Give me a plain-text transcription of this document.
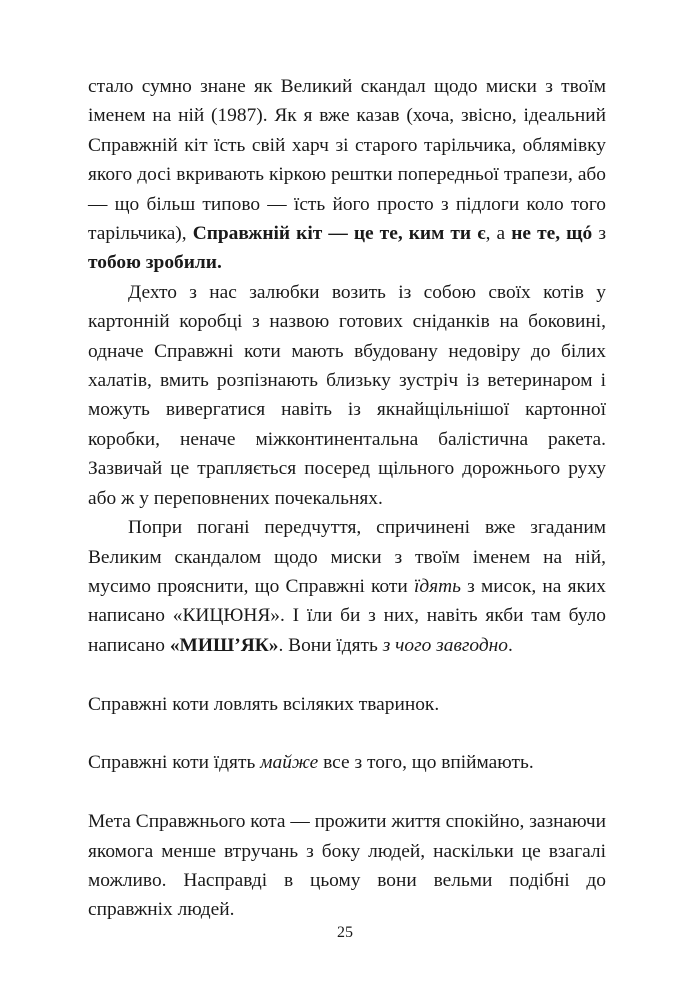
стало сумно знане як Великий скандал щодо миски з твоїм іменем на ній (1987). Як я вже казав (хоча, звісно, ідеальний Справжній кіт їсть свій харч зі старого тарільчика, облямівку якого досі вкривають кіркою рештки попередньої трапези, або — що більш типово — їсть його просто з підлоги коло того тарільчика), Справжній кіт — це те, ким ти є, а не те, щó з тобою зробили.

Дехто з нас залюбки возить із собою своїх котів у картонній коробці з назвою готових сніданків на боковині, одначе Справжні коти мають вбудовану недовіру до білих халатів, вмить розпізнають близьку зустріч із ветеринаром і можуть вивергатися навіть із якнайщільнішої картонної коробки, неначе міжконтинентальна балістична ракета. Зазвичай це трапляється посеред щільного дорожнього руху або ж у переповнених почекальнях.

Попри погані передчуття, спричинені вже згаданим Великим скандалом щодо миски з твоїм іменем на ній, мусимо прояснити, що Справжні коти їдять з мисок, на яких написано «КИЦЮНЯ». І їли би з них, навіть якби там було написано «МИШ’ЯК». Вони їдять з чого завгодно.

Справжні коти ловлять всіляких тваринок.

Справжні коти їдять майже все з того, що впіймають.

Мета Справжнього кота — прожити життя спокійно, зазнаючи якомога менше втручань з боку людей, наскільки це взагалі можливо. Насправді в цьому вони вельми подібні до справжніх людей.

25
